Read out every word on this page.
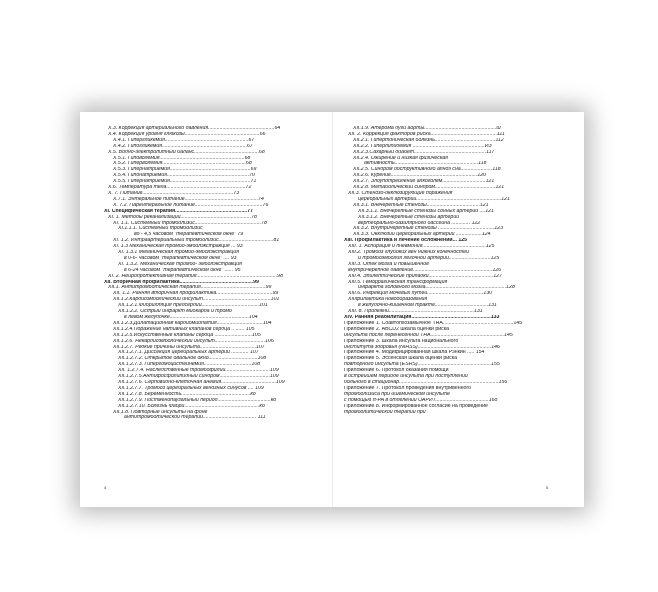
X.3. Коррекция артериального давления..............................................64
X.4. Коррекция уровня глюкозы....................................................66
X.4.1. Гипергликемия..........................................................67
X.4.2. Гипогликемия...........................................................67
X.5. Водно-электролитный баланс.............................................68
X.5.1. Гиповолемия...........................................................68
X.5.2. Гиперволемия..........................................................68
X.5.3. Гипернатриемия........................................................69
X.5.4. Гипонатриемия.........................................................70
X.5.5. Гипернатриемия........................................................71
X.6. Температура тела.......................................................72
X. 7. Питание...............................................................73
X.7.1. Энтеральное питание...................................................74
X. 7.2. Парентеральное питание...............................................76
XI. Специфическая терапия..................................................77
XI. 1. Методы реканализации.................................................78
XI. 1.1. Системный тромболизис..............................................78
XI.1.1.1. Системный тромболизис
во - 4,5 часовом "терапевтическом окне" 79
XI. 1.2. Интраартериальный тромболизис......................................81
XI. 1.3 Механическая тромбо-эмболэкстракция ... 93
XI. 1.3.1 Механическая тромбо-эмболэкстракция
в 0-6- часовом "терапевтическом окне" .... 93
XI. 1.3.2. Механическая тромбо- эмболэкстракция
в 6-24 часовом "терапевтическом окне" ...... 95
XI. 2. Нейропротективная терапия........................................................98
XII. Вторичная профилактика...................................................99
XII.1. Антитромботическая терапия.............................................99
XII. 1.1. Ранняя вторичная профилактика.......................................99
XII.1.2.Кардиоэмболический инсульт...............................................101
XII.1.2.1.Фибрилляция предсердий........................................101
XII.1.2.2. Острый инфаркт миокарда и тромб
в левом желудочке.......................................................104
XII.1.2.3.Дилатационная кардиомиопатия................................104
XII.1.2.4.Поражение нативных клапанов сердца .. ...... 105
XII.1.2.5.Искусственные клапаны сердца ..........................105
XII.1.2.6. Некардиоэмболический инсульт...................................106
XII.1.2.7. Редкие причины инсульта.......................................107
XII.1.2.7.1. Диссекция церебральных артерий ............ 107
XII.1.2.7.2. Открытое овальное окно..................................108
XII.1.2.7.3. Гипергомоцистеинемия.................................108
XII. 1.2.7.4. Наследственные тромбофилии...............................109
XII.1.2.7.5.Антифосфолипидный синдром...................................109
XII.1.2.7.6. Серповидно-клеточная анемия......................................109
XII.1.2.7.7. Тромбоз церебральных венозных синусов .... 109
XII.1.2.7.8. Беременность................................................ко
XII.1.2.7.9. Постменопаузальный период.....................................ко
XII.1.2.7.10. Болезнь Фабри....................................................ко
XII.1.8. Повторные инсульты на фоне
антитромботической терапии..................................... 111
XII.1.9. Атерома дуги аорты..................................................ш
XII. 2. Коррекция факторов риска..............................................111
XII.2.1. Гипертоническая болезнь..........................................112
XII.2.2. Гиперлипидемия ..................................................ИЗ
XII.2.3.Сахарный диабет..................................................117
XII.2.4. Ожирение и низкая физическая
активность..........................................................118
XII.2.5. Синдром обструктивного апноэ сна......................118
XII.2.6. Курение............................................................120
XII.2.7. Злоупотребление алкоголем..............................121
XII.2.8. Метаболический синдром..........................................121
XII.3. Стенозо-окклюзирующие поражения
церебральных артерий...........................................................121
XII.3.1. Внечерепные стенозы.....................................121
XII.3.1.1. Внечерепные стенозы сонных артерий ....121
XII.3.1.2. Внечерепные стенозы артерий
вертебрально-базилярного бассейна ............. 122
XII.3.2. Внутричерепные стенозы .......................................123
XII.3.3. Окклюзии церебральных артерий ..................124
XIII. Профилактика и лечение осложнений... 125
XIII. 1. Аспирация и пневмония............................................125
XIII.2. Тромбоз глубоких вен нижних конечностей
и тромбоэмболия легочной артерии.............................125
XIII.3. Отек мозга и повышенное
внутричерепное давление.......................................................126
XIII.4. Эпилептические припадки.............................................127
XIII.5. Геморрагическая трансформация
инфаркта головного мозга........................................................128
XIII.6. Инфекция мочевых путей.......................................130
XIIIфилактика новообразования
в желудочно-кишечном тракте.....................................131
XIII. 8. Пролежни...........................................................131
XIV. Ранняя реабилитация.......................................................133
Приложение 1. Соавтопхозамычное ТНА.................................................145
Приложение 2. ABCD2 шкала оценки риска
инсульта после перенесенной ТНА...................................................145
Приложение 3. Шкала инсульта национального
института здоровья (NIHSS)...................................................146
Приложение 4. Модифицированная шкала Рэнкин ..... 154
Приложение 5. Эссенская шкала оценки риска
повторного инсульта (ESRS)...................................................155
Приложение 6. Протокол оказания помощи
в острейшем периоде инсульта при поступлении
больного в стационар.....................................................................156
Приложение 7. Протокол проведения внутривенного
тромболизиса при ишемическом инсульте
с помощью rt-PA в отделении ОАРИТ.....................................16о
Приложение 8. Информированное согласие на проведение
тромболитической терапии при
4	5
